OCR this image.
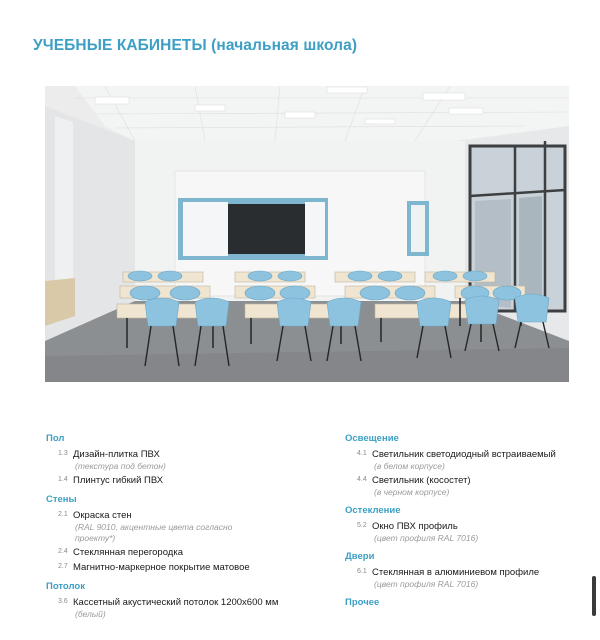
УЧЕБНЫЕ КАБИНЕТЫ (начальная школа)
Пол
1.3 Дизайн-плитка ПВХ
(текстура под бетон)
1.4 Плинтус гибкий ПВХ
Стены
2.1 Окраска стен
(RAL 9010, акцентные цвета согласно
проекту*)
2.4 Стеклянная перегородка
2.7 Магнитно-маркерное покрытие матовое
Потолок
3.6 Кассетный акустический потолок 1200х600 мм
(белый)
Освещение
4.1 Светильник светодиодный встраиваемый
(в белом корпусе)
4.4 Светильник (косостет)
(в черном корпусе)
Остекление
5.2 Окно ПВХ профиль
(цвет профиля RAL 7016)
Двери
6.1 Стеклянная в алюминиевом профиле
(цвет профиля RAL 7016)
Прочее
